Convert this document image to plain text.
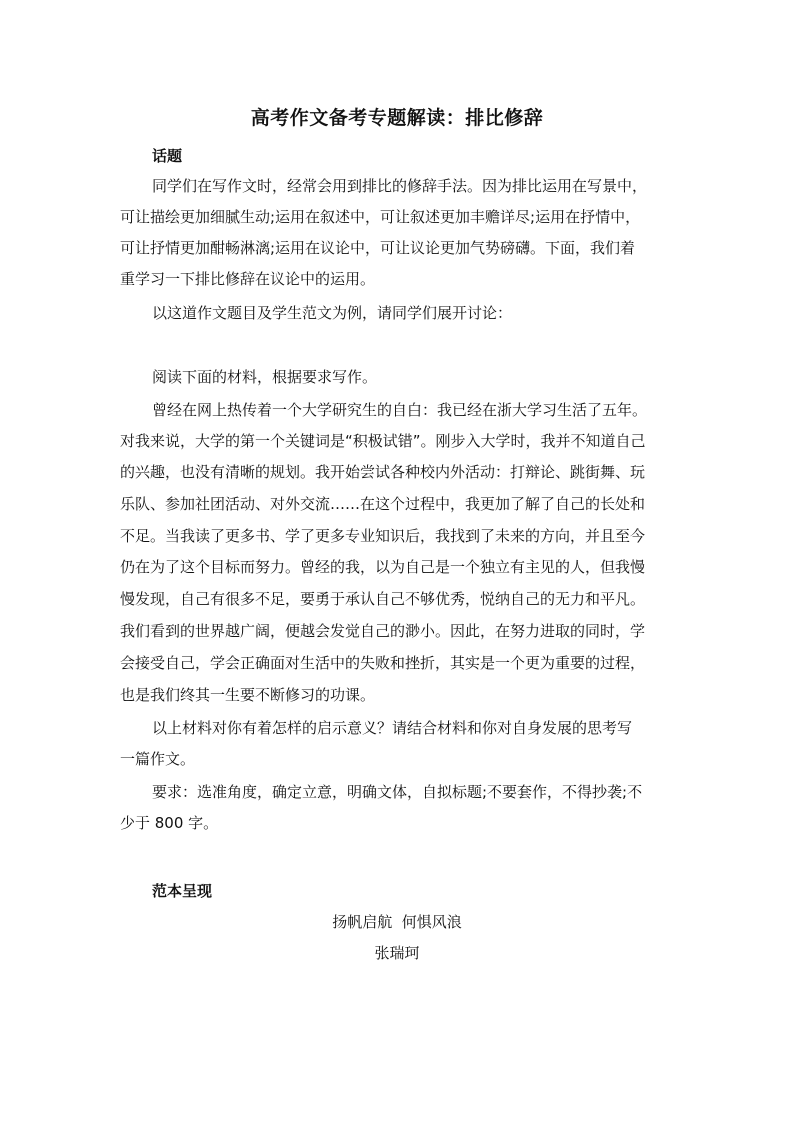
高考作文备考专题解读：排比修辞
话题
同学们在写作文时，经常会用到排比的修辞手法。因为排比运用在写景中，
可让描绘更加细腻生动;运用在叙述中，可让叙述更加丰赡详尽;运用在抒情中，
可让抒情更加酣畅淋漓;运用在议论中，可让议论更加气势磅礴。下面，我们着
重学习一下排比修辞在议论中的运用。
以这道作文题目及学生范文为例，请同学们展开讨论：
阅读下面的材料，根据要求写作。
曾经在网上热传着一个大学研究生的自白：我已经在浙大学习生活了五年。
对我来说，大学的第一个关键词是“积极试错”。刚步入大学时，我并不知道自己
的兴趣，也没有清晰的规划。我开始尝试各种校内外活动：打辩论、跳街舞、玩
乐队、参加社团活动、对外交流……在这个过程中，我更加了解了自己的长处和
不足。当我读了更多书、学了更多专业知识后，我找到了未来的方向，并且至今
仍在为了这个目标而努力。曾经的我，以为自己是一个独立有主见的人，但我慢
慢发现，自己有很多不足，要勇于承认自己不够优秀，悦纳自己的无力和平凡。
我们看到的世界越广阔，便越会发觉自己的渺小。因此，在努力进取的同时，学
会接受自己，学会正确面对生活中的失败和挫折，其实是一个更为重要的过程，
也是我们终其一生要不断修习的功课。
以上材料对你有着怎样的启示意义？请结合材料和你对自身发展的思考写
一篇作文。
要求：选准角度，确定立意，明确文体，自拟标题;不要套作，不得抄袭;不
少于 800 字。
范本呈现
扬帆启航  何惧风浪
张瑞珂
